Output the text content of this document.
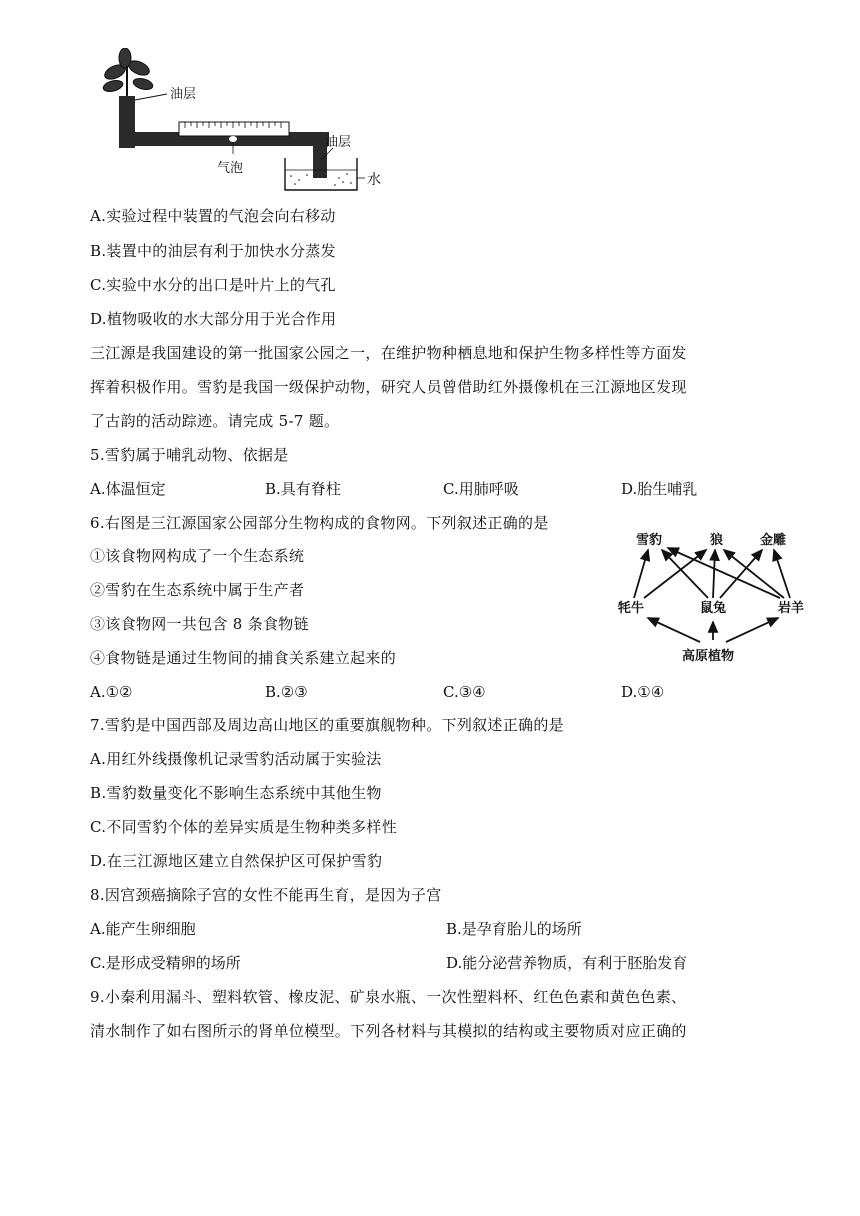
油层
气泡
油层
水
A.实验过程中装置的气泡会向右移动
B.装置中的油层有利于加快水分蒸发
C.实验中水分的出口是叶片上的气孔
D.植物吸收的水大部分用于光合作用
三江源是我国建设的第一批国家公园之一，在维护物种栖息地和保护生物多样性等方面发
挥着积极作用。雪豹是我国一级保护动物，研究人员曾借助红外摄像机在三江源地区发现
了古韵的活动踪迹。请完成 5-7 题。
5.雪豹属于哺乳动物、依据是
A.体温恒定	B.具有脊柱	C.用肺呼吸	D.胎生哺乳
6.右图是三江源国家公园部分生物构成的食物网。下列叙述正确的是
①该食物网构成了一个生态系统
②雪豹在生态系统中属于生产者
③该食物网一共包含 8 条食物链
④食物链是通过生物间的捕食关系建立起来的
A.①②	B.②③	C.③④	D.①④
雪豹	狼	金雕
牦牛	鼠兔	岩羊
高原植物
7.雪豹是中国西部及周边高山地区的重要旗舰物种。下列叙述正确的是
A.用红外线摄像机记录雪豹活动属于实验法
B.雪豹数量变化不影响生态系统中其他生物
C.不同雪豹个体的差异实质是生物种类多样性
D.在三江源地区建立自然保护区可保护雪豹
8.因宫颈癌摘除子宫的女性不能再生育，是因为子宫
A.能产生卵细胞	B.是孕育胎儿的场所
C.是形成受精卵的场所	D.能分泌营养物质，有利于胚胎发育
9.小秦利用漏斗、塑料软管、橡皮泥、矿泉水瓶、一次性塑料杯、红色色素和黄色色素、
清水制作了如右图所示的肾单位模型。下列各材料与其模拟的结构或主要物质对应正确的
